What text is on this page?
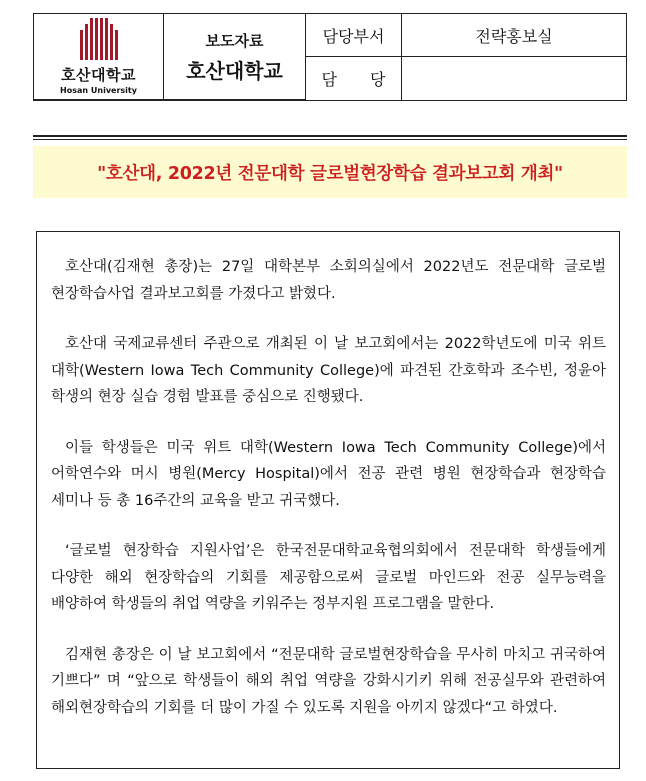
호산대학교
Hosan University
보도자료
호산대학교
담당부서	전략홍보실
담 당
"호산대, 2022년 전문대학 글로벌현장학습 결과보고회 개최"

호산대(김재현 총장)는 27일 대학본부 소회의실에서 2022년도 전문대학 글로벌 현장학습사업 결과보고회를 가졌다고 밝혔다.

호산대 국제교류센터 주관으로 개최된 이 날 보고회에서는 2022학년도에 미국 위트 대학(Western Iowa Tech Community College)에 파견된 간호학과 조수빈, 정윤아 학생의 현장 실습 경험 발표를 중심으로 진행됐다.

이들 학생들은 미국 위트 대학(Western Iowa Tech Community College)에서 어학연수와 머시 병원(Mercy Hospital)에서 전공 관련 병원 현장학습과 현장학습 세미나 등 총 16주간의 교육을 받고 귀국했다.

‘글로벌 현장학습 지원사업’은 한국전문대학교육협의회에서 전문대학 학생들에게 다양한 해외 현장학습의 기회를 제공함으로써 글로벌 마인드와 전공 실무능력을 배양하여 학생들의 취업 역량을 키워주는 정부지원 프로그램을 말한다.

김재현 총장은 이 날 보고회에서 “전문대학 글로벌현장학습을 무사히 마치고 귀국하여 기쁘다” 며 “앞으로 학생들이 해외 취업 역량을 강화시기키 위해 전공실무와 관련하여 해외현장학습의 기회를 더 많이 가질 수 있도록 지원을 아끼지 않겠다“고 하였다.
